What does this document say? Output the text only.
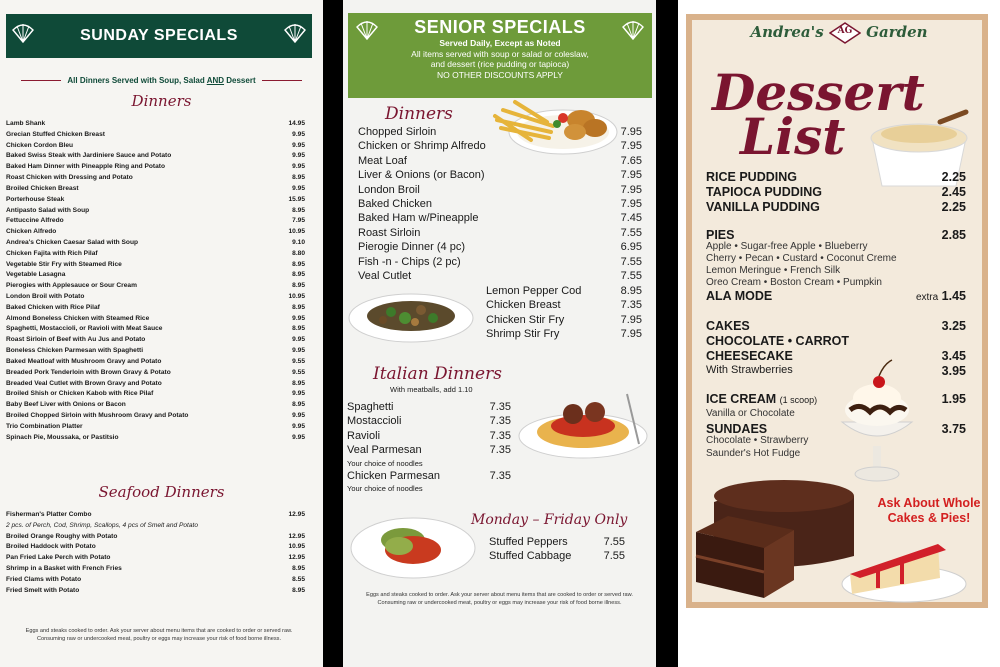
SUNDAY SPECIALS
All Dinners Served with Soup, Salad AND Dessert
Dinners
Lamb Shank	14.95
Grecian Stuffed Chicken Breast	9.95
Chicken Cordon Bleu	9.95
Baked Swiss Steak with Jardiniere Sauce and Potato	9.95
Baked Ham Dinner with Pineapple Ring and Potato	9.95
Roast Chicken with Dressing and Potato	8.95
Broiled Chicken Breast	9.95
Porterhouse Steak	15.95
Antipasto Salad with Soup	8.95
Fettuccine Alfredo	7.95
Chicken Alfredo	10.95
Andrea's Chicken Caesar Salad with Soup	9.10
Chicken Fajita with Rich Pilaf	8.80
Vegetable Stir Fry with Steamed Rice	8.95
Vegetable Lasagna	8.95
Pierogies with Applesauce or Sour Cream	8.95
London Broil with Potato	10.95
Baked Chicken with Rice Pilaf	8.95
Almond Boneless Chicken with Steamed Rice	9.95
Spaghetti, Mostaccioli, or Ravioli with Meat Sauce	8.95
Roast Sirloin of Beef with Au Jus and Potato	9.95
Boneless Chicken Parmesan with Spaghetti	9.95
Baked Meatloaf with Mushroom Gravy and Potato	9.55
Breaded Pork Tenderloin with Brown Gravy & Potato	9.55
Breaded Veal Cutlet with Brown Gravy and Potato	8.95
Broiled Shish or Chicken Kabob with Rice Pilaf	9.95
Baby Beef Liver with Onions or Bacon	8.95
Broiled Chopped Sirloin with Mushroom Gravy and Potato	9.95
Trio Combination Platter	9.95
Spinach Pie, Moussaka, or Pastitsio	9.95
Seafood Dinners
Fisherman's Platter Combo	12.95
2 pcs. of Perch, Cod, Shrimp, Scallops, 4 pcs of Smelt and Potato
Broiled Orange Roughy with Potato	12.95
Broiled Haddock with Potato	10.95
Pan Fried Lake Perch with Potato	12.95
Shrimp in a Basket with French Fries	8.95
Fried Clams with Potato	8.55
Fried Smelt with Potato	8.95
Eggs and steaks cooked to order. Ask your server about menu items that are cooked to order or served raw.
Consuming raw or undercooked meat, poultry or eggs may increase your risk of food borne illness.
SENIOR SPECIALS
Served Daily, Except as Noted
All items served with soup or salad or coleslaw,
and dessert (rice pudding or tapioca)
NO OTHER DISCOUNTS APPLY
Dinners
Chopped Sirloin	7.95
Chicken or Shrimp Alfredo	7.95
Meat Loaf	7.65
Liver & Onions (or Bacon)	7.95
London Broil	7.95
Baked Chicken	7.95
Baked Ham w/Pineapple	7.45
Roast Sirloin	7.55
Pierogie Dinner (4 pc)	6.95
Fish -n - Chips (2 pc)	7.55
Veal Cutlet	7.55
Lemon Pepper Cod	8.95
Chicken Breast	7.35
Chicken Stir Fry	7.95
Shrimp Stir Fry	7.95
Italian Dinners
With meatballs, add 1.10
Spaghetti	7.35
Mostaccioli	7.35
Ravioli	7.35
Veal Parmesan	7.35
Your choice of noodles
Chicken Parmesan	7.35
Your choice of noodles
Monday – Friday Only
Stuffed Peppers	7.55
Stuffed Cabbage	7.55
Eggs and steaks cooked to order. Ask your server about menu items that are cooked to order or served raw.
Consuming raw or undercooked meat, poultry or eggs may increase your risk of food borne illness.
Andrea's	AG Garden
Dessert
List
RICE PUDDING	2.25
TAPIOCA PUDDING	2.45
VANILLA PUDDING	2.25
PIES	2.85
Apple • Sugar-free Apple • Blueberry
Cherry • Pecan • Custard • Coconut Creme
Lemon Meringue • French Silk
Oreo Cream • Boston Cream • Pumpkin
ALA MODE	extra 1.45
CAKES	3.25
CHOCOLATE • CARROT
CHEESECAKE	3.45
With Strawberries	3.95
ICE CREAM (1 scoop)	1.95
Vanilla or Chocolate
SUNDAES	3.75
Chocolate • Strawberry
Saunder's Hot Fudge
Ask About Whole Cakes & Pies!
